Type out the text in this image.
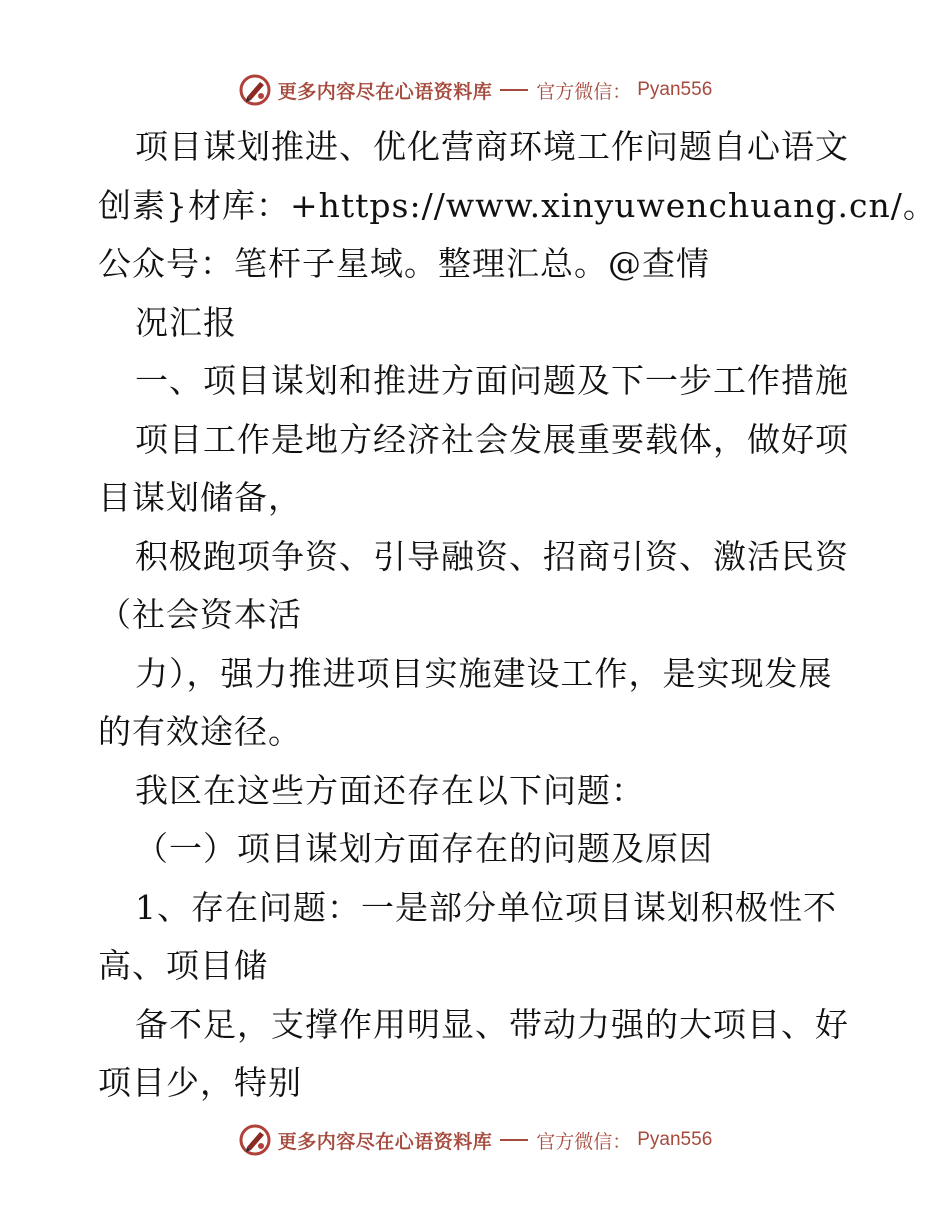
更多内容尽在心语资料库 官方微信： Pyan556
项目谋划推进、优化营商环境工作问题自心语文
创素}材库：+https://www.xinyuwenchuang.cn/。
公众号：笔杆子星域。整理汇总。@查情
况汇报
一、项目谋划和推进方面问题及下一步工作措施
项目工作是地方经济社会发展重要载体，做好项
目谋划储备，
积极跑项争资、引导融资、招商引资、激活民资
（社会资本活
力），强力推进项目实施建设工作，是实现发展
的有效途径。
我区在这些方面还存在以下问题：
（一）项目谋划方面存在的问题及原因
1、存在问题：一是部分单位项目谋划积极性不
高、项目储
备不足，支撑作用明显、带动力强的大项目、好
项目少，特别
更多内容尽在心语资料库 官方微信： Pyan556
